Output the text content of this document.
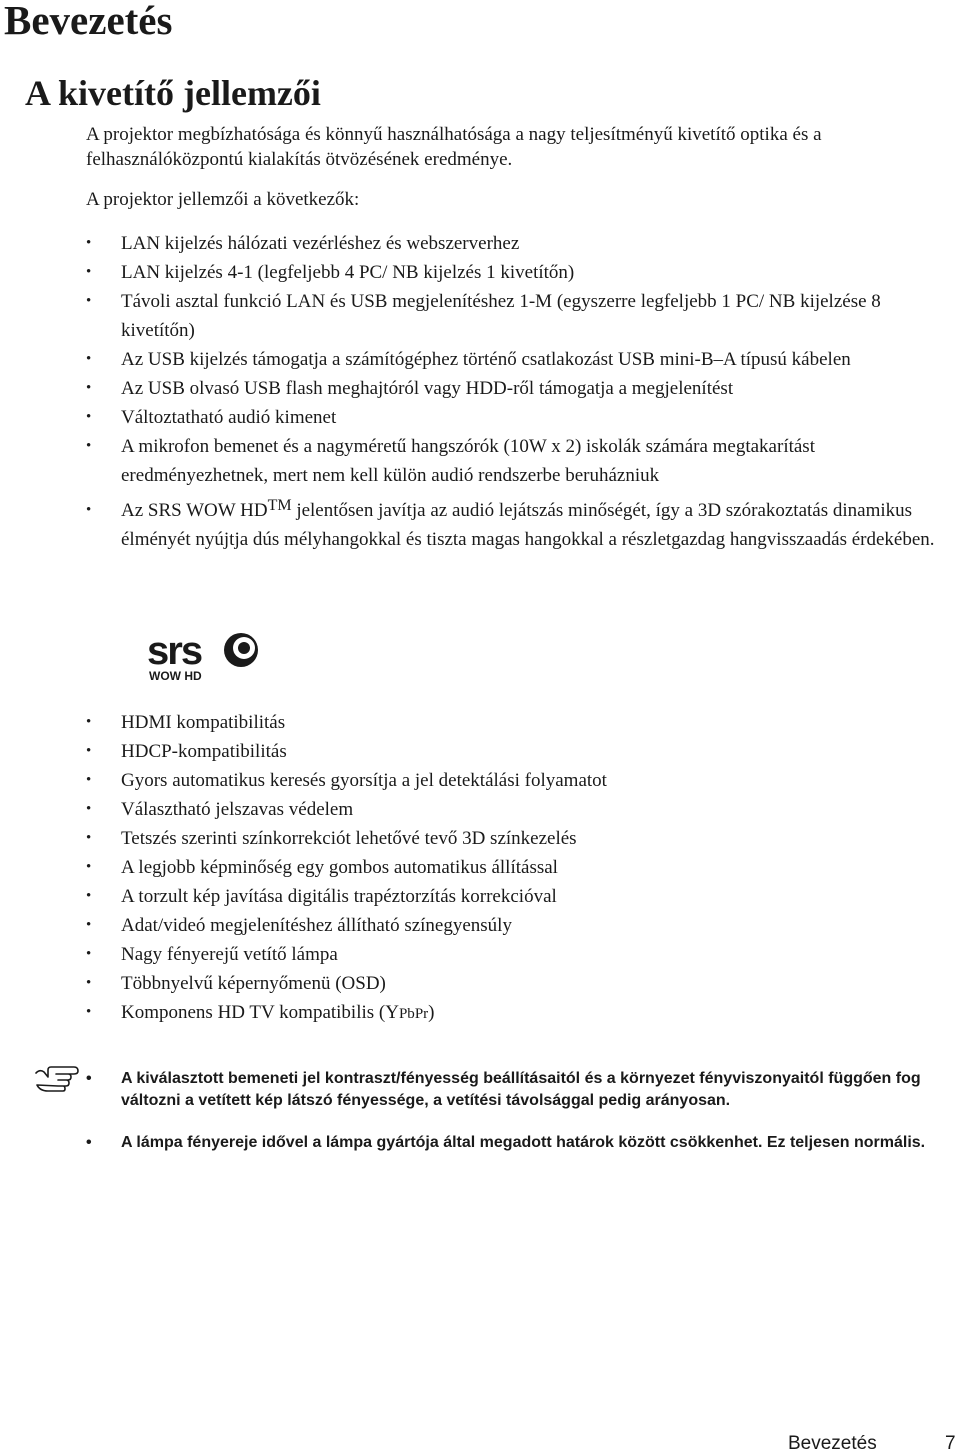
Bevezetés
A kivetítő jellemzői

A projektor megbízhatósága és könnyű használhatósága a nagy teljesítményű kivetítő optika és a felhasználóközpontú kialakítás ötvözésének eredménye.

A projektor jellemzői a következők:

• LAN kijelzés hálózati vezérléshez és webszerverhez
• LAN kijelzés 4-1 (legfeljebb 4 PC/ NB kijelzés 1 kivetítőn)
• Távoli asztal funkció LAN és USB megjelenítéshez 1-M (egyszerre legfeljebb 1 PC/ NB kijelzése 8 kivetítőn)
• Az USB kijelzés támogatja a számítógéphez történő csatlakozást USB mini-B–A típusú kábelen
• Az USB olvasó USB flash meghajtóról vagy HDD-ről támogatja a megjelenítést
• Változtatható audió kimenet
• A mikrofon bemenet és a nagyméretű hangszórók (10W x 2) iskolák számára megtakarítást eredményezhetnek, mert nem kell külön audió rendszerbe beruházniuk
• Az SRS WOW HD™ jelentősen javítja az audió lejátszás minőségét, így a 3D szórakoztatás dinamikus élményét nyújtja dús mélyhangokkal és tiszta magas hangokkal a részletgazdag hangvisszaadás érdekében.
srs
WOW HD
• HDMI kompatibilitás
• HDCP-kompatibilitás
• Gyors automatikus keresés gyorsítja a jel detektálási folyamatot
• Választható jelszavas védelem
• Tetszés szerinti színkorrekciót lehetővé tevő 3D színkezelés
• A legjobb képminőség egy gombos automatikus állítással
• A torzult kép javítása digitális trapéztorzítás korrekcióval
• Adat/videó megjelenítéshez állítható színegyensúly
• Nagy fényerejű vetítő lámpa
• Többnyelvű képernyőmenü (OSD)
• Komponens HD TV kompatibilis (YPbPr)
• A kiválasztott bemeneti jel kontraszt/fényesség beállításaitól és a környezet fényviszonyaitól függően fog változni a vetített kép látszó fényessége, a vetítési távolsággal pedig arányosan.
• A lámpa fényereje idővel a lámpa gyártója által megadott határok között csökkenhet. Ez teljesen normális.
Bevezetés	7
